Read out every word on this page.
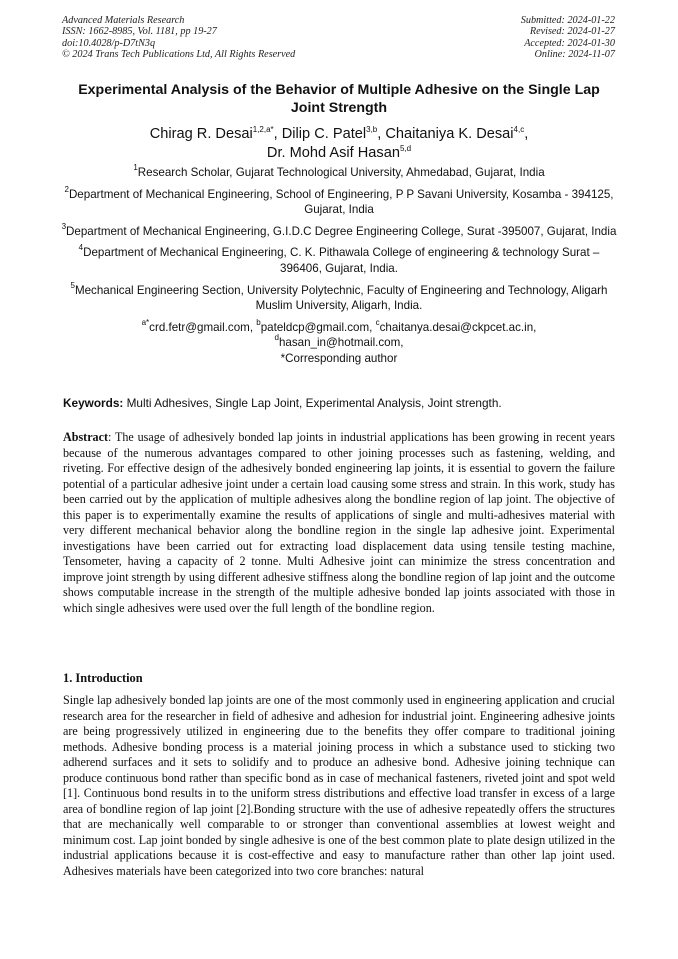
Advanced Materials Research
ISSN: 1662-8985, Vol. 1181, pp 19-27
doi:10.4028/p-D7tN3q
© 2024 Trans Tech Publications Ltd, All Rights Reserved
Submitted: 2024-01-22
Revised: 2024-01-27
Accepted: 2024-01-30
Online: 2024-11-07
Experimental Analysis of the Behavior of Multiple Adhesive on the Single Lap Joint Strength
Chirag R. Desai$^{1,2,a*}$, Dilip C. Patel$^{3,b}$, Chaitaniya K. Desai$^{4,c}$,
Dr. Mohd Asif Hasan$^{5,d}$
$^1$Research Scholar, Gujarat Technological University, Ahmedabad, Gujarat, India
$^2$Department of Mechanical Engineering, School of Engineering, P P Savani University, Kosamba - 394125, Gujarat, India
$^3$Department of Mechanical Engineering, G.I.D.C Degree Engineering College, Surat -395007, Gujarat, India
$^4$Department of Mechanical Engineering, C. K. Pithawala College of engineering & technology Surat – 396406, Gujarat, India.
$^5$Mechanical Engineering Section, University Polytechnic, Faculty of Engineering and Technology, Aligarh Muslim University, Aligarh, India.
$^{a*}$crd.fetr@gmail.com, $^b$pateldcp@gmail.com, $^c$chaitanya.desai@ckpcet.ac.in,
$^d$hasan_in@hotmail.com,
*Corresponding author
Keywords: Multi Adhesives, Single Lap Joint, Experimental Analysis, Joint strength.
Abstract: The usage of adhesively bonded lap joints in industrial applications has been growing in recent years because of the numerous advantages compared to other joining processes such as fastening, welding, and riveting. For effective design of the adhesively bonded engineering lap joints, it is essential to govern the failure potential of a particular adhesive joint under a certain load causing some stress and strain. In this work, study has been carried out by the application of multiple adhesives along the bondline region of lap joint. The objective of this paper is to experimentally examine the results of applications of single and multi-adhesives material with very different mechanical behavior along the bondline region in the single lap adhesive joint. Experimental investigations have been carried out for extracting load displacement data using tensile testing machine, Tensometer, having a capacity of 2 tonne. Multi Adhesive joint can minimize the stress concentration and improve joint strength by using different adhesive stiffness along the bondline region of lap joint and the outcome shows computable increase in the strength of the multiple adhesive bonded lap joints associated with those in which single adhesives were used over the full length of the bondline region.
1. Introduction
Single lap adhesively bonded lap joints are one of the most commonly used in engineering application and crucial research area for the researcher in field of adhesive and adhesion for industrial joint. Engineering adhesive joints are being progressively utilized in engineering due to the benefits they offer compare to traditional joining methods. Adhesive bonding process is a material joining process in which a substance used to sticking two adherend surfaces and it sets to solidify and to produce an adhesive bond. Adhesive joining technique can produce continuous bond rather than specific bond as in case of mechanical fasteners, riveted joint and spot weld [1]. Continuous bond results in to the uniform stress distributions and effective load transfer in excess of a large area of bondline region of lap joint [2].Bonding structure with the use of adhesive repeatedly offers the structures that are mechanically well comparable to or stronger than conventional assemblies at lowest weight and minimum cost. Lap joint bonded by single adhesive is one of the best common plate to plate design utilized in the industrial applications because it is cost-effective and easy to manufacture rather than other lap joint used. Adhesives materials have been categorized into two core branches: natural
